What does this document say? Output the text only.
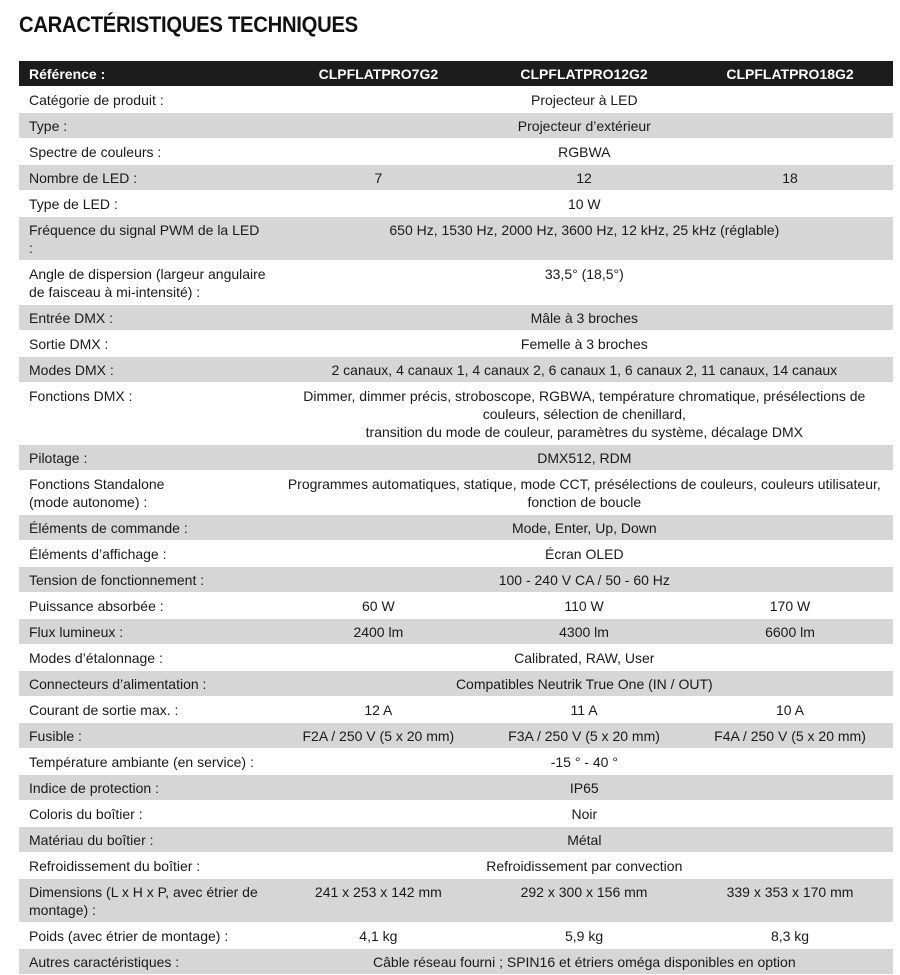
CARACTÉRISTIQUES TECHNIQUES
Référence :	CLPFLATPRO7G2	CLPFLATPRO12G2	CLPFLATPRO18G2
Catégorie de produit :	Projecteur à LED		
Type :	Projecteur d’extérieur		
Spectre de couleurs :	RGBWA		
Nombre de LED :	7	12	18
Type de LED :	10 W		
Fréquence du signal PWM de la LED :	650 Hz, 1530 Hz, 2000 Hz, 3600 Hz, 12 kHz, 25 kHz (réglable)		
Angle de dispersion (largeur angulaire
de faisceau à mi-intensité) :	33,5° (18,5°)		
Entrée DMX :	Mâle à 3 broches		
Sortie DMX :	Femelle à 3 broches		
Modes DMX :	2 canaux, 4 canaux 1, 4 canaux 2, 6 canaux 1, 6 canaux 2, 11 canaux, 14 canaux		
Fonctions DMX :	Dimmer, dimmer précis, stroboscope, RGBWA, température chromatique, présélections de
couleurs, sélection de chenillard,
transition du mode de couleur, paramètres du système, décalage DMX		
Pilotage :	DMX512, RDM		
Fonctions Standalone
(mode autonome) :	Programmes automatiques, statique, mode CCT, présélections de couleurs, couleurs utilisateur,
fonction de boucle		
Éléments de commande :	Mode, Enter, Up, Down		
Éléments d’affichage :	Écran OLED		
Tension de fonctionnement :	100 - 240 V CA / 50 - 60 Hz		
Puissance absorbée :	60 W	110 W	170 W
Flux lumineux :	2400 lm	4300 lm	6600 lm
Modes d’étalonnage :	Calibrated, RAW, User		
Connecteurs d’alimentation :	Compatibles Neutrik True One (IN / OUT)		
Courant de sortie max. :	12 A	11 A	10 A
Fusible :	F2A / 250 V (5 x 20 mm)	F3A / 250 V (5 x 20 mm)	F4A / 250 V (5 x 20 mm)
Température ambiante (en service) :	-15 ° - 40 °		
Indice de protection :	IP65		
Coloris du boîtier :	Noir		
Matériau du boîtier :	Métal		
Refroidissement du boîtier :	Refroidissement par convection		
Dimensions (L x H x P, avec étrier de
montage) :	241 x 253 x 142 mm	292 x 300 x 156 mm	339 x 353 x 170 mm
Poids (avec étrier de montage) :	4,1 kg	5,9 kg	8,3 kg
Autres caractéristiques :	Câble réseau fourni ; SPIN16 et étriers oméga disponibles en option		
